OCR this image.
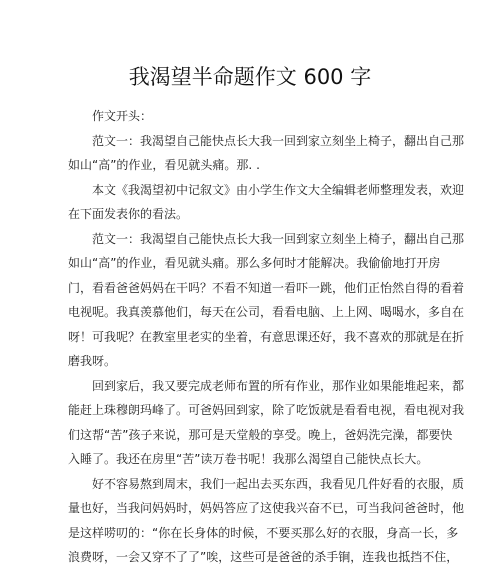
我渴望半命题作文 600 字
　　作文开头：
　　范文一：我渴望自己能快点长大我一回到家立刻坐上椅子，翻出自己那
如山“高”的作业，看见就头痛。那. .
　　本文《我渴望初中记叙文》由小学生作文大全编辑老师整理发表，欢迎
在下面发表你的看法。
　　范文一：我渴望自己能快点长大我一回到家立刻坐上椅子，翻出自己那
如山“高”的作业，看见就头痛。那么多何时才能解决。我偷偷地打开房
门，看看爸爸妈妈在干吗？不看不知道一看吓一跳，他们正怡然自得的看着
电视呢。我真羡慕他们，每天在公司，看看电脑、上上网、喝喝水，多自在
呀！可我呢？在教室里老实的坐着，有意思课还好，我不喜欢的那就是在折
磨我呀。
　　回到家后，我又要完成老师布置的所有作业，那作业如果能堆起来，都
能赶上珠穆朗玛峰了。可爸妈回到家，除了吃饭就是看看电视，看电视对我
们这帮“苦”孩子来说，那可是天堂般的享受。晚上，爸妈洗完澡，都要快
入睡了。我还在房里“苦”读万卷书呢！我那么渴望自己能快点长大。
　　好不容易熬到周末，我们一起出去买东西，我看见几件好看的衣服，质
量也好，当我问妈妈时，妈妈答应了这使我兴奋不已，可当我问爸爸时，他
是这样唠叨的：“你在长身体的时候，不要买那么好的衣服，身高一长，多
浪费呀，一会又穿不了了”唉，这些可是爸爸的杀手锏，连我也抵挡不住，
